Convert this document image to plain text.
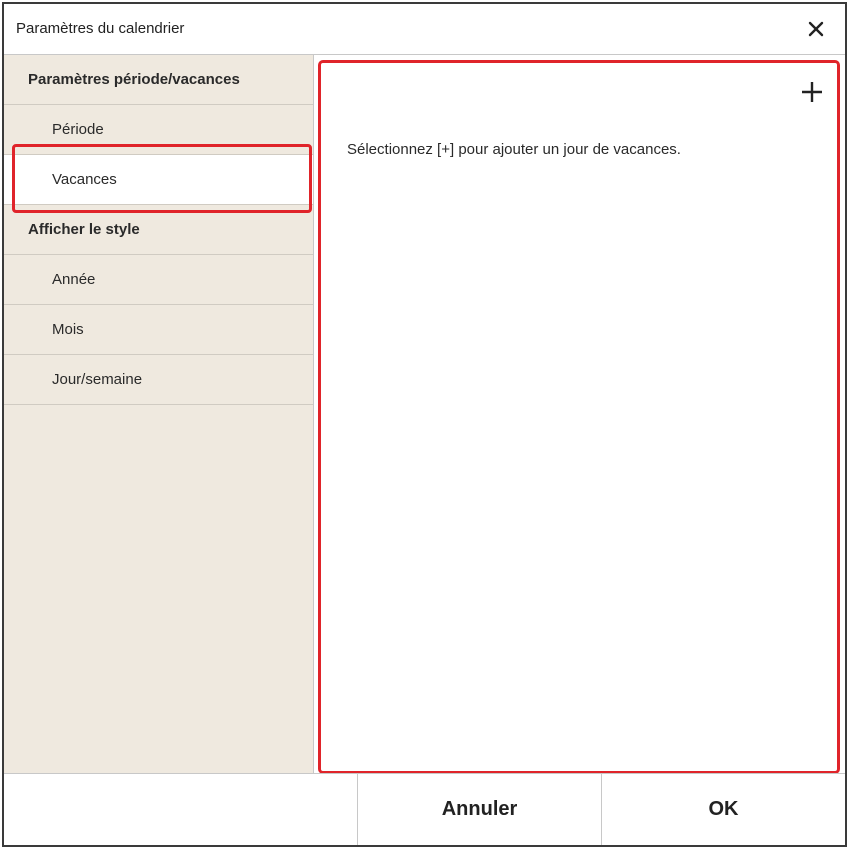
Paramètres du calendrier
Paramètres période/vacances
Période
Vacances
Afficher le style
Année
Mois
Jour/semaine
Sélectionnez [+] pour ajouter un jour de vacances.
Annuler	OK
